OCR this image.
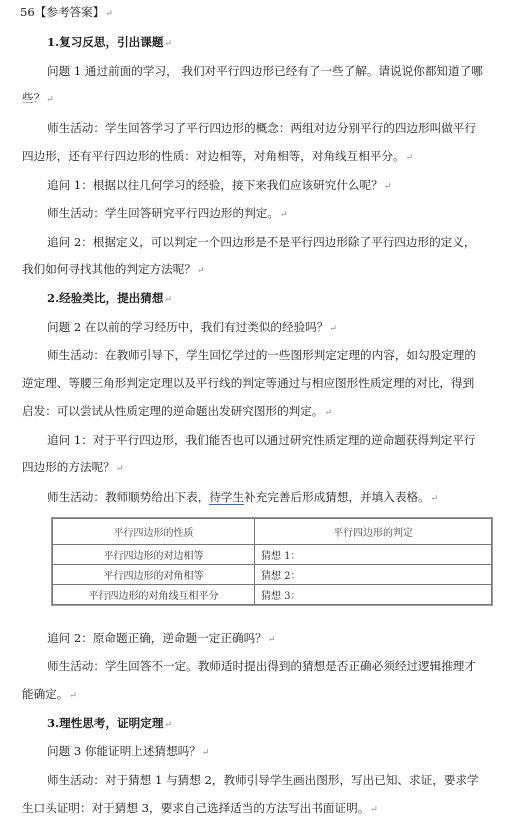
56【参考答案】↵
1.复习反思，引出课题↵
问题 1 通过前面的学习， 我们对平行四边形已经有了一些了解。请说说你都知道了哪
些？↵
师生活动：学生回答学习了平行四边形的概念：两组对边分别平行的四边形叫做平行
四边形，还有平行四边形的性质：对边相等，对角相等，对角线互相平分。↵
追问 1：根据以往几何学习的经验，接下来我们应该研究什么呢？↵
师生活动：学生回答研究平行四边形的判定。↵
追问 2：根据定义，可以判定一个四边形是不是平行四边形除了平行四边形的定义，
我们如何寻找其他的判定方法呢？↵
2.经验类比，提出猜想↵
问题 2 在以前的学习经历中，我们有过类似的经验吗？↵
师生活动：在教师引导下，学生回忆学过的一些图形判定定理的内容，如勾股定理的
逆定理、等腰三角形判定定理以及平行线的判定等通过与相应图形性质定理的对比，得到
启发：可以尝试从性质定理的逆命题出发研究图形的判定。↵
追问 1：对于平行四边形，我们能否也可以通过研究性质定理的逆命题获得判定平行
四边形的方法呢？↵
师生活动：教师顺势给出下表，待学生补充完善后形成猜想，并填入表格。↵
平行四边形的性质	平行四边形的判定
平行四边形的对边相等	猜想 1：
平行四边形的对角相等	猜想 2：
平行四边形的对角线互相平分	猜想 3：
追问 2：原命题正确，逆命题一定正确吗？↵
师生活动：学生回答不一定。教师适时提出得到的猜想是否正确必须经过逻辑推理才
能确定。↵
3.理性思考，证明定理↵
问题 3 你能证明上述猜想吗？↵
师生活动：对于猜想 1 与猜想 2，教师引导学生画出图形，写出已知、求证，要求学
生口头证明：对于猜想 3，要求自己选择适当的方法写出书面证明。↵
